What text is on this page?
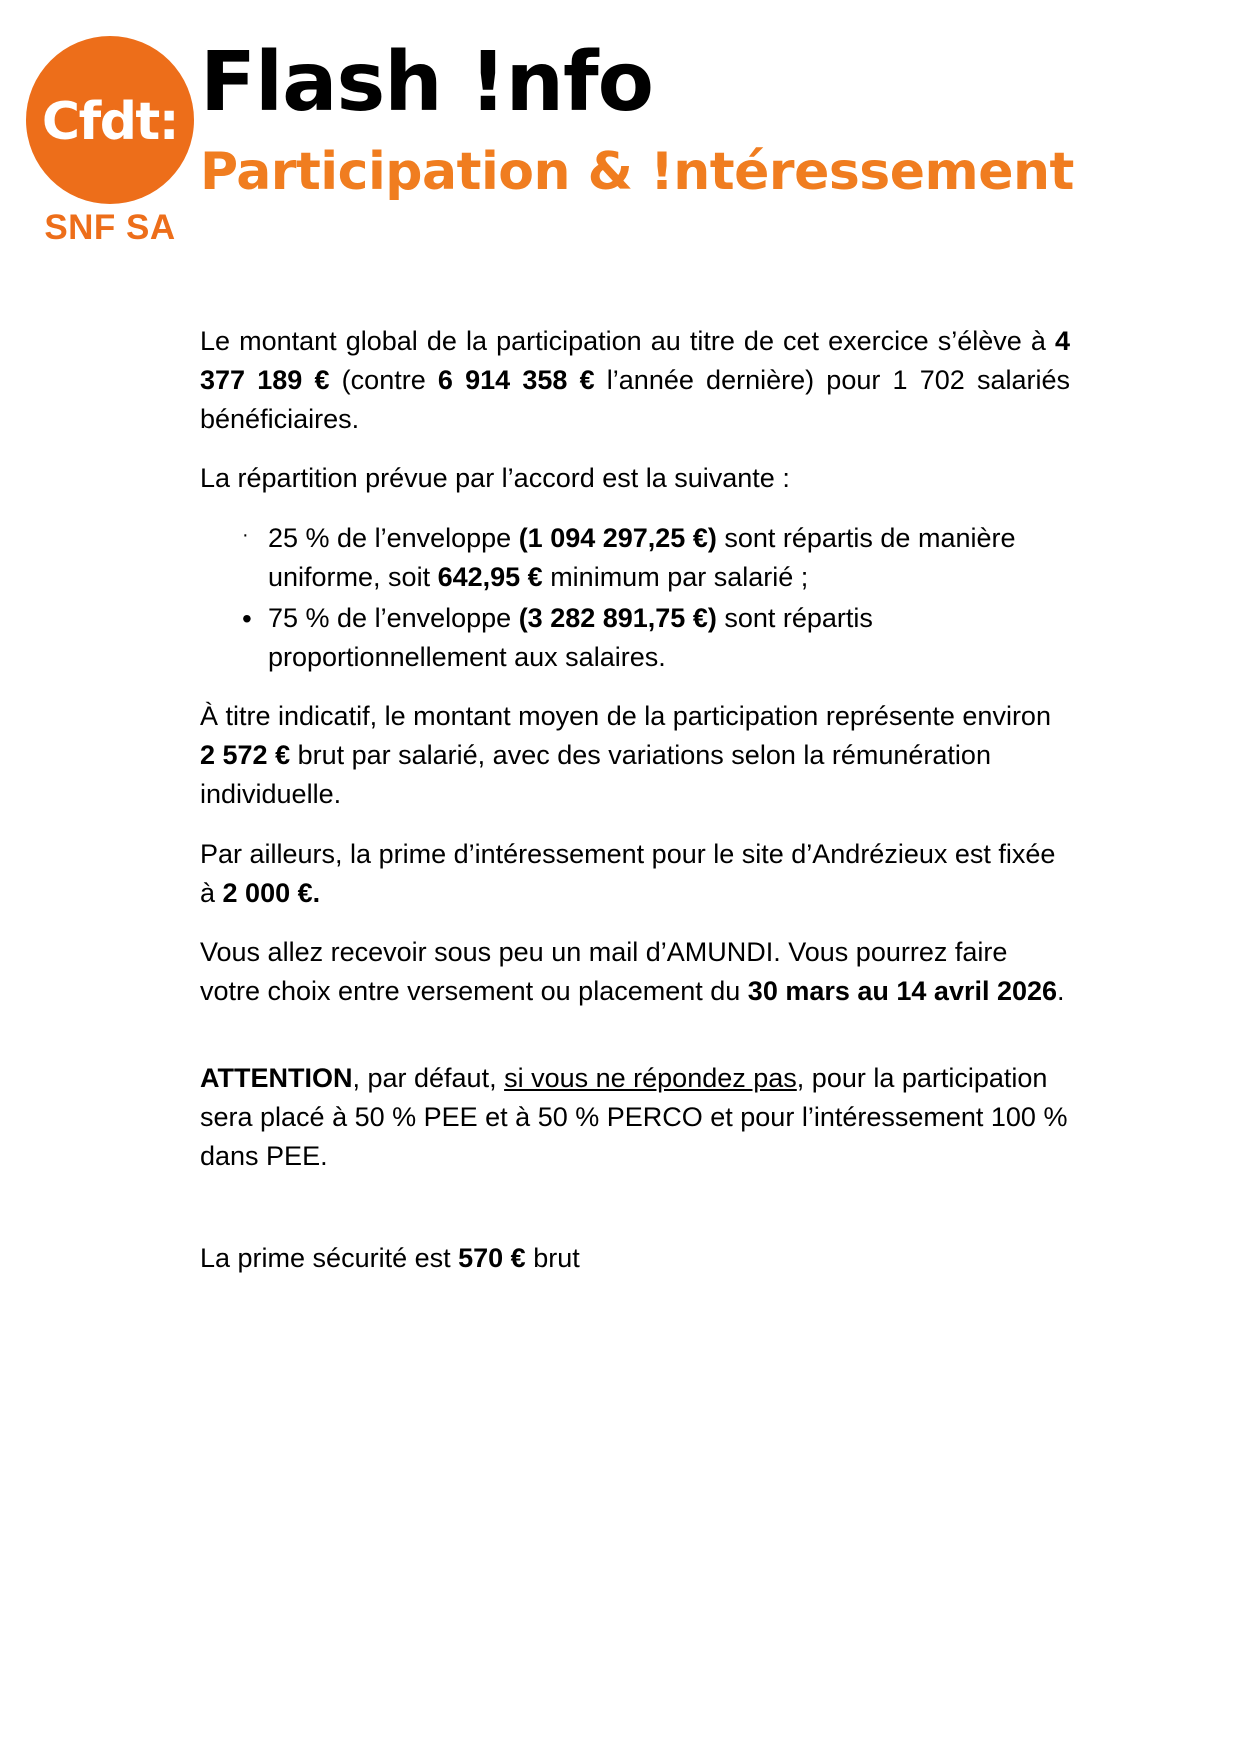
Cfdt:
SNF SA
Flash !nfo
Participation & !ntéressement

Le montant global de la participation au titre de cet exercice s’élève à 4 377 189 € (contre 6 914 358 € l’année dernière) pour 1 702 salariés bénéficiaires.

La répartition prévue par l’accord est la suivante :

· 25 % de l’enveloppe (1 094 297,25 €) sont répartis de manière uniforme, soit 642,95 € minimum par salarié ;
• 75 % de l’enveloppe (3 282 891,75 €) sont répartis proportionnellement aux salaires.

À titre indicatif, le montant moyen de la participation représente environ 2 572 € brut par salarié, avec des variations selon la rémunération individuelle.

Par ailleurs, la prime d’intéressement pour le site d’Andrézieux est fixée à 2 000 €.

Vous allez recevoir sous peu un mail d’AMUNDI. Vous pourrez faire votre choix entre versement ou placement du 30 mars au 14 avril 2026.

ATTENTION, par défaut, si vous ne répondez pas, pour la participation sera placé à 50 % PEE et à 50 % PERCO et pour l’intéressement 100 % dans PEE.

La prime sécurité est 570 € brut
